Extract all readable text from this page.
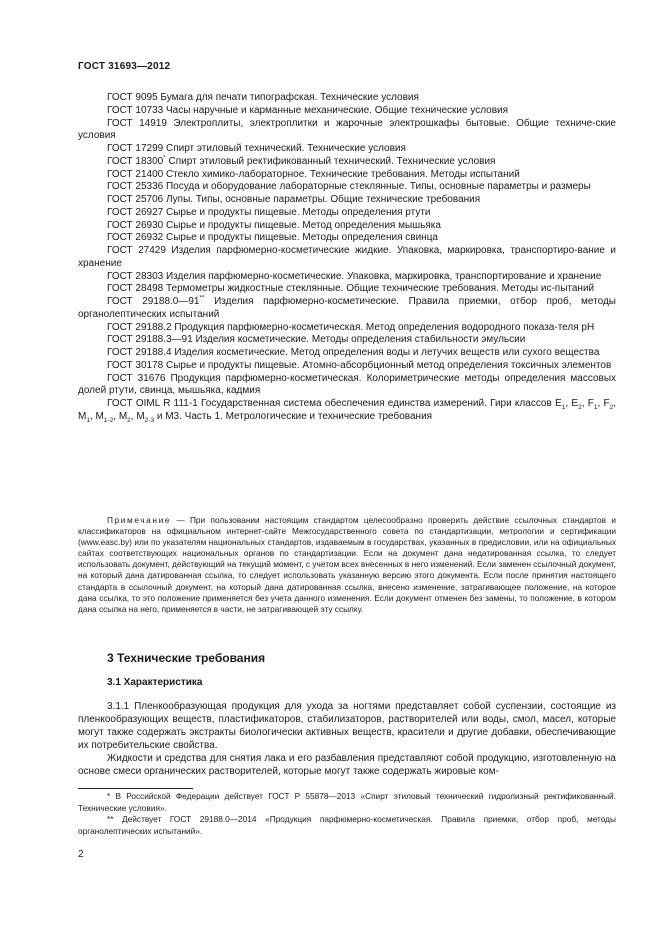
ГОСТ 31693—2012

ГОСТ 9095 Бумага для печати типографская. Технические условия

ГОСТ 10733 Часы наручные и карманные механические. Общие технические условия

ГОСТ 14919 Электроплиты, электроплитки и жарочные электрошкафы бытовые. Общие техниче-ские условия

ГОСТ 17299 Спирт этиловый технический. Технические условия

ГОСТ 18300* Спирт этиловый ректификованный технический. Технические условия

ГОСТ 21400 Стекло химико-лабораторное. Технические требования. Методы испытаний

ГОСТ 25336 Посуда и оборудование лабораторные стеклянные. Типы, основные параметры и размеры

ГОСТ 25706 Лупы. Типы, основные параметры. Общие технические требования

ГОСТ 26927 Сырье и продукты пищевые. Методы определения ртути

ГОСТ 26930 Сырье и продукты пищевые. Метод определения мышьяка

ГОСТ 26932 Сырье и продукты пищевые. Методы определения свинца

ГОСТ 27429 Изделия парфюмерно-косметические жидкие. Упаковка, маркировка, транспортиро-вание и хранение

ГОСТ 28303 Изделия парфюмерно-косметические. Упаковка, маркировка, транспортирование и хранение

ГОСТ 28498 Термометры жидкостные стеклянные. Общие технические требования. Методы ис-пытаний

ГОСТ 29188.0—91** Изделия парфюмерно-косметические. Правила приемки, отбор проб, методы органолептических испытаний

ГОСТ 29188.2 Продукция парфюмерно-косметическая. Метод определения водородного показа-теля pH

ГОСТ 29188.3—91 Изделия косметические. Методы определения стабильности эмульсии

ГОСТ 29188.4 Изделия косметические. Метод определения воды и летучих веществ или сухого вещества

ГОСТ 30178 Сырье и продукты пищевые. Атомно-абсорбционный метод определения токсичных элементов

ГОСТ 31676 Продукция парфюмерно-косметическая. Колориметрические методы определения массовых долей ртути, свинца, мышьяка, кадмия

ГОСТ OIML R 111-1 Государственная система обеспечения единства измерений. Гири классов $E_1$, $E_2$, $F_1$, $F_2$, $M_1$, $M_{1-2}$, $M_2$, $M_{2-3}$ и M3. Часть 1. Метрологические и технические требования

Примечание — При пользовании настоящим стандартом целесообразно проверить действие ссылочных стандартов и классификаторов на официальном интернет-сайте Межгосударственного совета по стандартизации, метрологии и сертификации (www.easc.by) или по указателям национальных стандартов, издаваемым в государствах, указанных в предисловии, или на официальных сайтах соответствующих национальных органов по стандартизации. Если на документ дана недатированная ссылка, то следует использовать документ, действующий на текущий момент, с учетом всех внесенных в него изменений. Если заменен ссылочный документ, на который дана датированная ссылка, то следует использовать указанную версию этого документа. Если после принятия настоящего стандарта в ссылочный документ, на который дана датированная ссылка, внесено изменение, затрагивающее положение, на которое дана ссылка, то это положение применяется без учета данного изменения. Если документ отменен без замены, то положение, в котором дана ссылка на него, применяется в части, не затрагивающей эту ссылку.

3 Технические требования
3.1 Характеристика

3.1.1 Пленкообразующая продукция для ухода за ногтями представляет собой суспензии, состоящие из пленкообразующих веществ, пластификаторов, стабилизаторов, растворителей или воды, смол, масел, которые могут также содержать экстракты биологически активных веществ, красители и другие добавки, обеспечивающие их потребительские свойства.

Жидкости и средства для снятия лака и его разбавления представляют собой продукцию, изготовленную на основе смеси органических растворителей, которые могут также содержать жировые ком-

* В Российской Федерации действует ГОСТ Р 55878—2013 «Спирт этиловый технический гидролизный ректификованный. Технические условия».

** Действует ГОСТ 29188.0—2014 «Продукция парфюмерно-косметическая. Правила приемки, отбор проб, методы органолептических испытаний».

2
